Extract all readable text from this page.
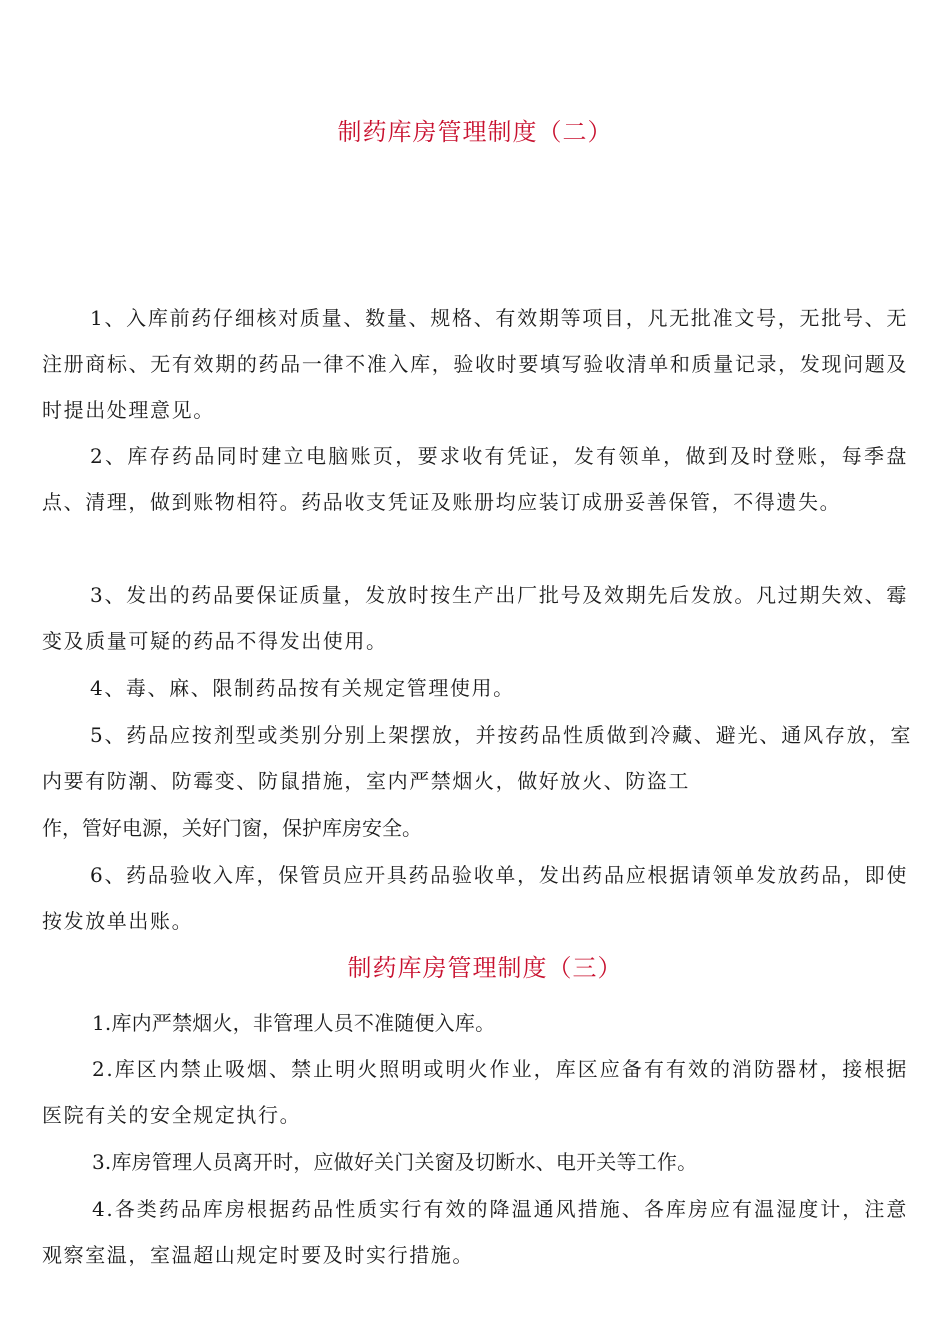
制药库房管理制度（二）

1、入库前药仔细核对质量、数量、规格、有效期等项目，凡无批准文号，无批号、无注册商标、无有效期的药品一律不准入库，验收时要填写验收清单和质量记录，发现问题及时提出处理意见。

2、库存药品同时建立电脑账页，要求收有凭证，发有领单，做到及时登账，每季盘点、清理，做到账物相符。药品收支凭证及账册均应装订成册妥善保管，不得遗失。

3、发出的药品要保证质量，发放时按生产出厂批号及效期先后发放。凡过期失效、霉变及质量可疑的药品不得发出使用。

4、毒、麻、限制药品按有关规定管理使用。

5、药品应按剂型或类别分别上架摆放，并按药品性质做到冷藏、避光、通风存放，室内要有防潮、防霉变、防鼠措施，室内严禁烟火，做好放火、防盗工

作，管好电源，关好门窗，保护库房安全。

6、药品验收入库，保管员应开具药品验收单，发出药品应根据请领单发放药品，即使按发放单出账。

制药库房管理制度（三）

1.库内严禁烟火，非管理人员不准随便入库。

2.库区内禁止吸烟、禁止明火照明或明火作业，库区应备有有效的消防器材，接根据医院有关的安全规定执行。

3.库房管理人员离开时，应做好关门关窗及切断水、电开关等工作。

4.各类药品库房根据药品性质实行有效的降温通风措施、各库房应有温湿度计，注意观察室温，室温超山规定时要及时实行措施。
